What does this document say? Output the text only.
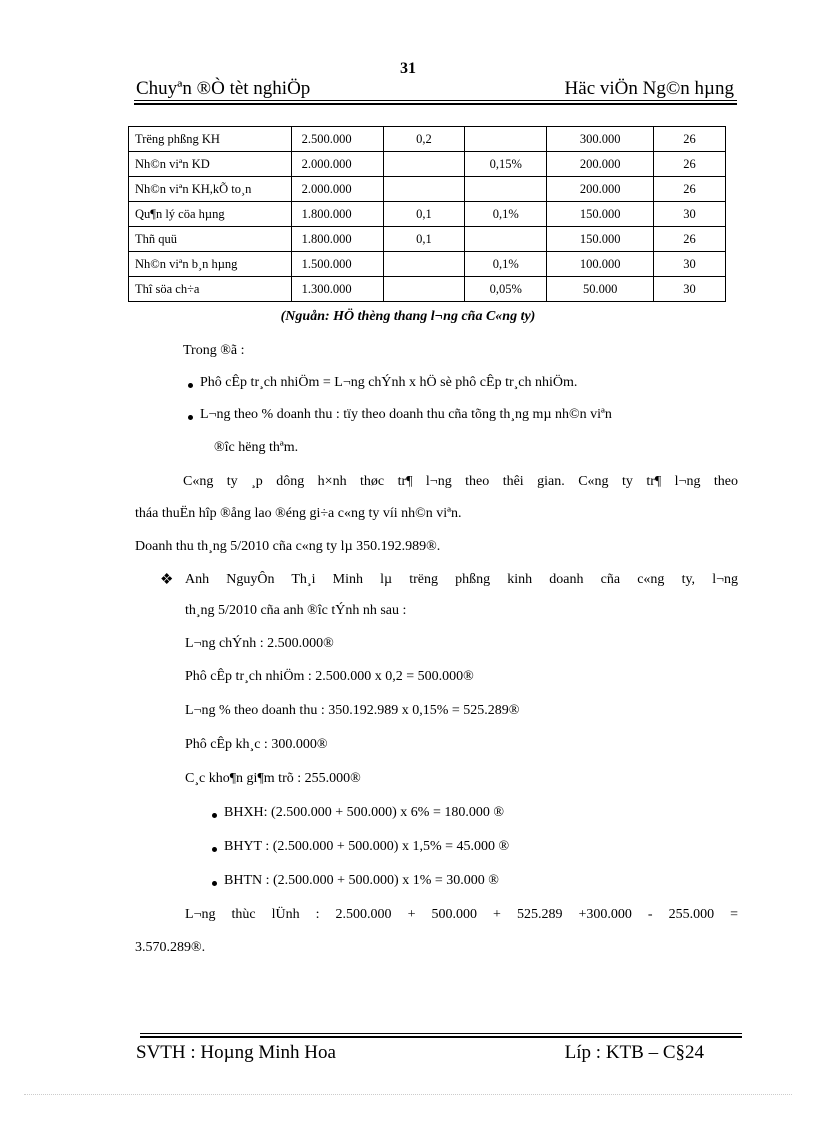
31
Chuyªn ®Ò tèt nghiÖp	Häc viÖn Ng©n hµng
Trëng phßng KH	2.500.000	0,2		300.000	26
Nh©n viªn KD	2.000.000		0,15%	200.000	26
Nh©n viªn KH,kÕ to¸n	2.000.000			200.000	26
Qu¶n lý cöa hµng	1.800.000	0,1	0,1%	150.000	30
Thñ quü	1.800.000	0,1		150.000	26
Nh©n viªn b¸n hµng	1.500.000		0,1%	100.000	30
Thî söa ch÷a	1.300.000		0,05%	50.000	30
(Nguån: HÖ thèng thang l¬ng cña C«ng ty)
Trong ®ã :
Phô cÊp tr¸ch nhiÖm = L¬ng chÝnh x hÖ sè phô cÊp tr¸ch nhiÖm.
L¬ng theo % doanh thu : tïy theo doanh thu cña tõng th¸ng mµ nh©n viªn
®îc hëng thªm.
C«ng ty ¸p dông h×nh thøc tr¶ l¬ng theo thêi gian. C«ng ty tr¶ l¬ng theo
tháa thuËn hîp ®ång lao ®éng gi÷a c«ng ty víi nh©n viªn.
Doanh thu th¸ng 5/2010 cña c«ng ty lµ 350.192.989®.
❖ Anh NguyÔn Th¸i Minh lµ trëng phßng kinh doanh cña c«ng ty, l¬ng
th¸ng 5/2010 cña anh ®îc tÝnh nh sau :
L¬ng chÝnh : 2.500.000®
Phô cÊp tr¸ch nhiÖm : 2.500.000 x 0,2 = 500.000®
L¬ng % theo doanh thu : 350.192.989 x 0,15% = 525.289®
Phô cÊp kh¸c : 300.000®
C¸c kho¶n gi¶m trõ : 255.000®
BHXH: (2.500.000 + 500.000) x 6% = 180.000 ®
BHYT : (2.500.000 + 500.000) x 1,5% = 45.000 ®
BHTN : (2.500.000 + 500.000) x 1% = 30.000 ®
L¬ng thùc lÜnh : 2.500.000 + 500.000 + 525.289 +300.000 - 255.000 =
3.570.289®.
SVTH : Hoµng Minh Hoa	Líp : KTB – C§24
